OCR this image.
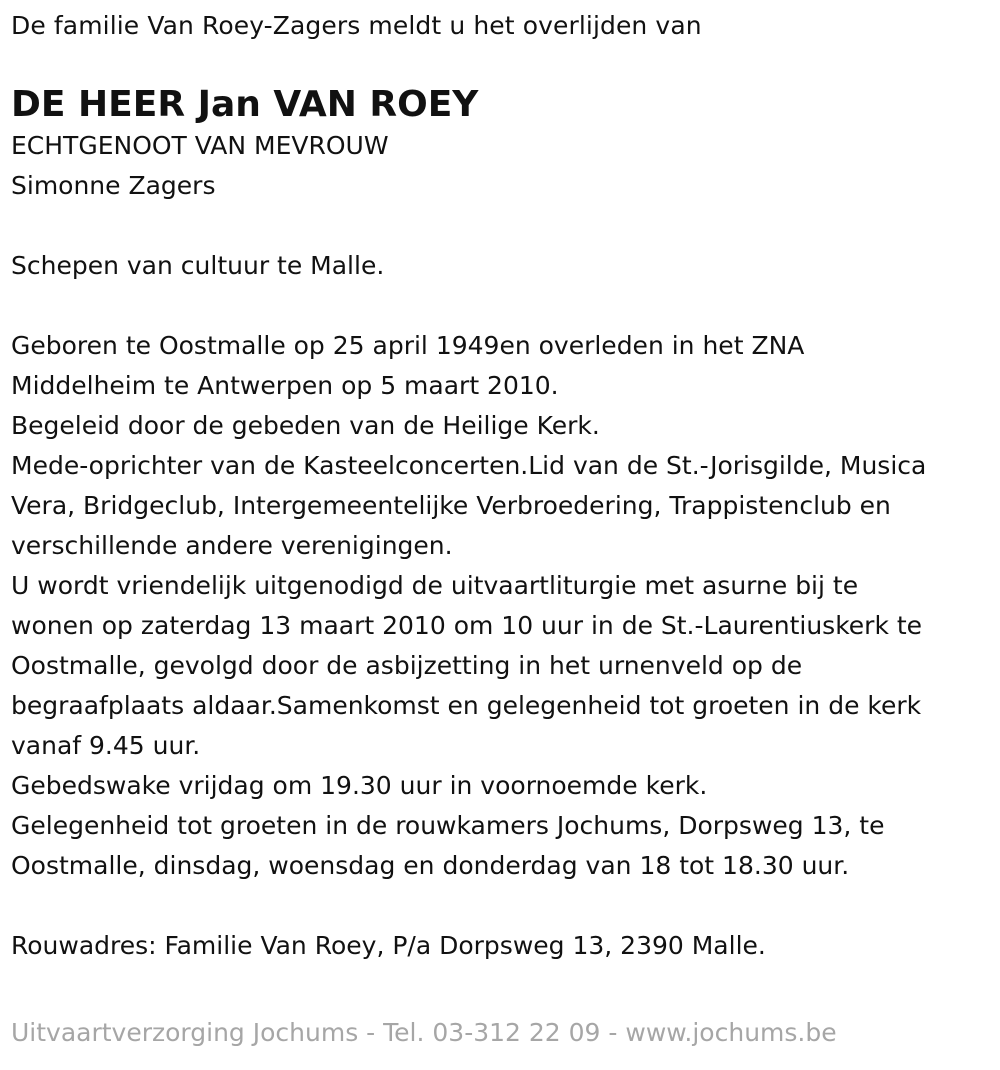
De familie Van Roey-Zagers meldt u het overlijden van

DE HEER Jan VAN ROEY

ECHTGENOOT VAN MEVROUW

Simonne Zagers

Schepen van cultuur te Malle.

Geboren te Oostmalle op 25 april 1949en overleden in het ZNA

Middelheim te Antwerpen op 5 maart 2010.

Begeleid door de gebeden van de Heilige Kerk.

Mede-oprichter van de Kasteelconcerten.Lid van de St.-Jorisgilde, Musica

Vera, Bridgeclub, Intergemeentelijke Verbroedering, Trappistenclub en

verschillende andere verenigingen.

U wordt vriendelijk uitgenodigd de uitvaartliturgie met asurne bij te

wonen op zaterdag 13 maart 2010 om 10 uur in de St.-Laurentiuskerk te

Oostmalle, gevolgd door de asbijzetting in het urnenveld op de

begraafplaats aldaar.Samenkomst en gelegenheid tot groeten in de kerk

vanaf 9.45 uur.

Gebedswake vrijdag om 19.30 uur in voornoemde kerk.

Gelegenheid tot groeten in de rouwkamers Jochums, Dorpsweg 13, te

Oostmalle, dinsdag, woensdag en donderdag van 18 tot 18.30 uur.

Rouwadres: Familie Van Roey, P/a Dorpsweg 13, 2390 Malle.

Uitvaartverzorging Jochums - Tel. 03-312 22 09 - www.jochums.be
